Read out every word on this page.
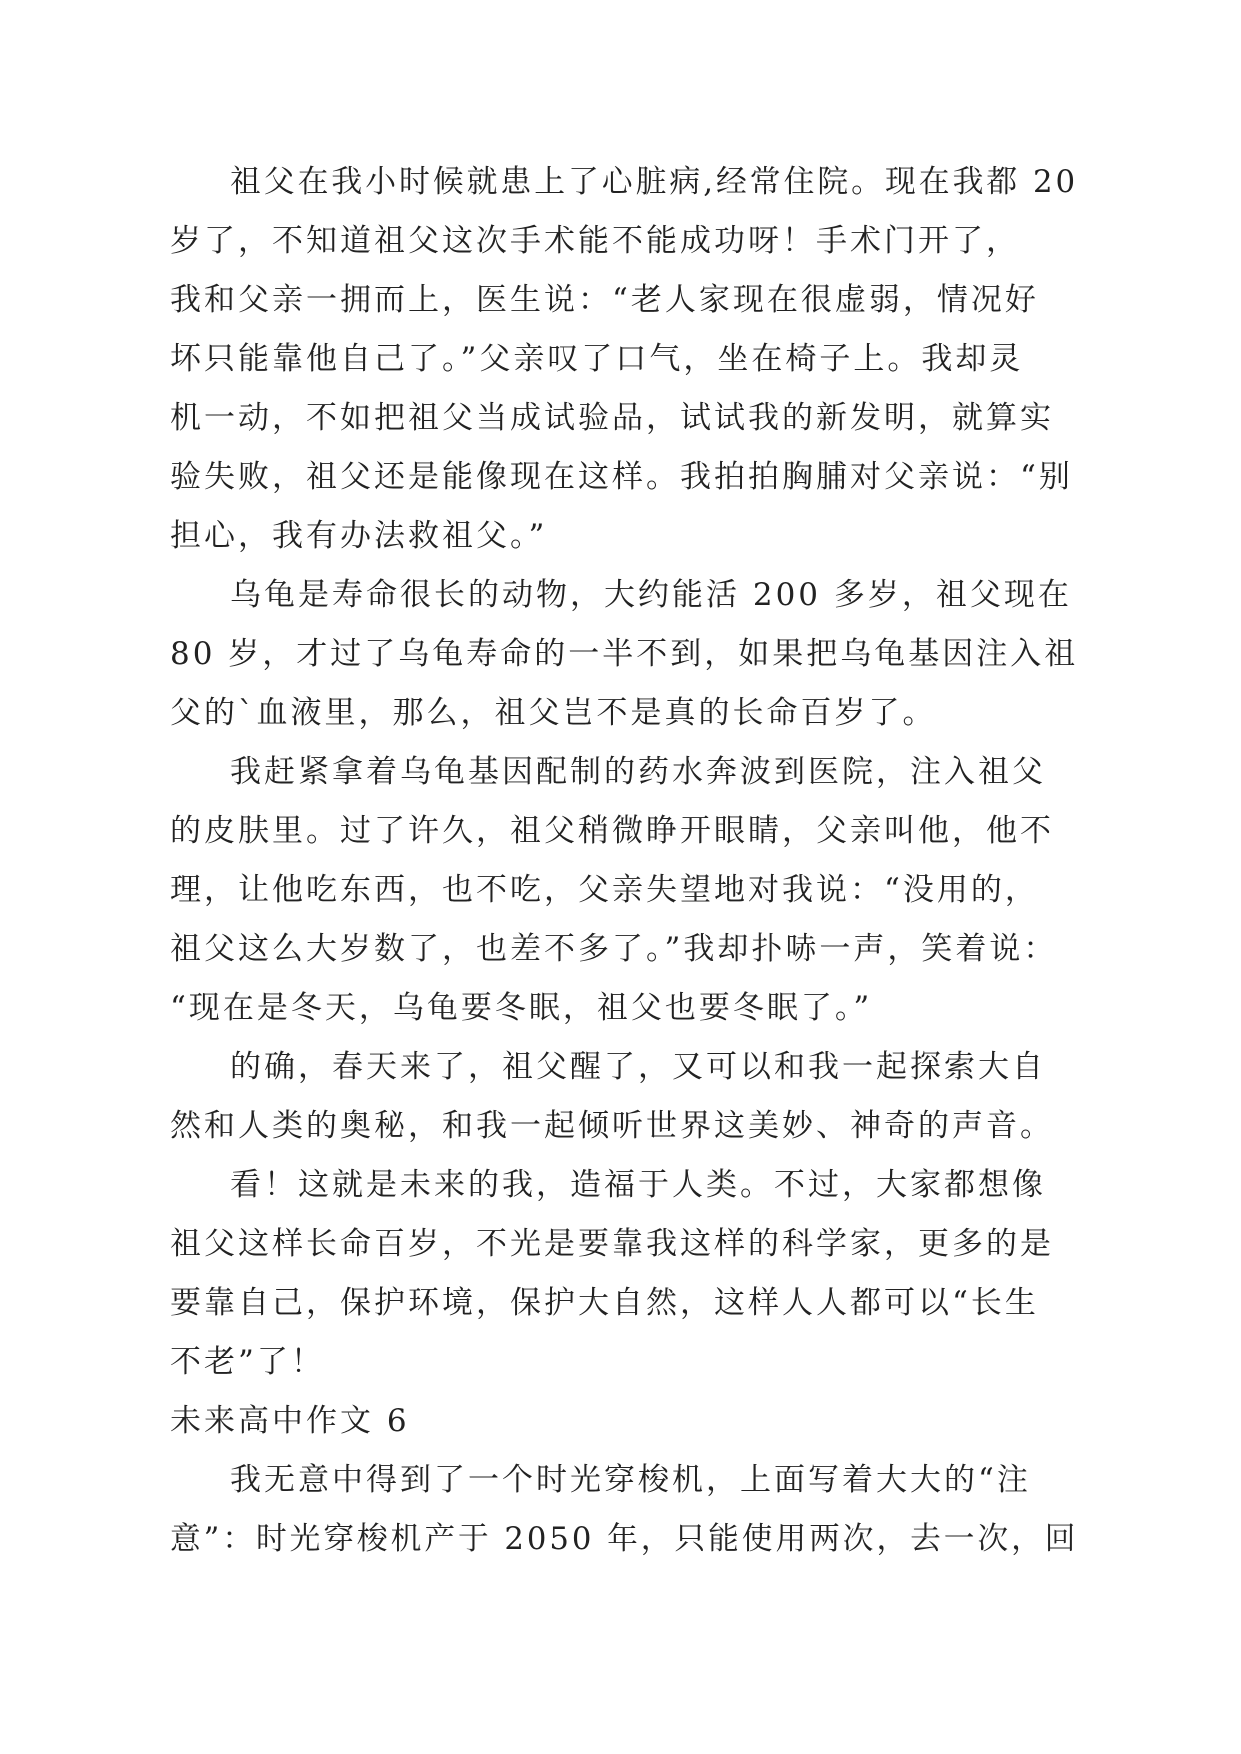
祖父在我小时候就患上了心脏病,经常住院。现在我都 20

岁了，不知道祖父这次手术能不能成功呀！手术门开了，

我和父亲一拥而上，医生说：“老人家现在很虚弱，情况好

坏只能靠他自己了。”父亲叹了口气，坐在椅子上。我却灵

机一动，不如把祖父当成试验品，试试我的新发明，就算实

验失败，祖父还是能像现在这样。我拍拍胸脯对父亲说：“别

担心，我有办法救祖父。”

乌龟是寿命很长的动物，大约能活 200 多岁，祖父现在

80 岁，才过了乌龟寿命的一半不到，如果把乌龟基因注入祖

父的`血液里，那么，祖父岂不是真的长命百岁了。

我赶紧拿着乌龟基因配制的药水奔波到医院，注入祖父

的皮肤里。过了许久，祖父稍微睁开眼睛，父亲叫他，他不

理，让他吃东西，也不吃，父亲失望地对我说：“没用的，

祖父这么大岁数了，也差不多了。”我却扑哧一声，笑着说：

“现在是冬天，乌龟要冬眠，祖父也要冬眠了。”

的确，春天来了，祖父醒了，又可以和我一起探索大自

然和人类的奥秘，和我一起倾听世界这美妙、神奇的声音。

看！这就是未来的我，造福于人类。不过，大家都想像

祖父这样长命百岁，不光是要靠我这样的科学家，更多的是

要靠自己，保护环境，保护大自然，这样人人都可以“长生

不老”了！

未来高中作文 6

我无意中得到了一个时光穿梭机，上面写着大大的“注

意”：时光穿梭机产于 2050 年，只能使用两次，去一次，回
